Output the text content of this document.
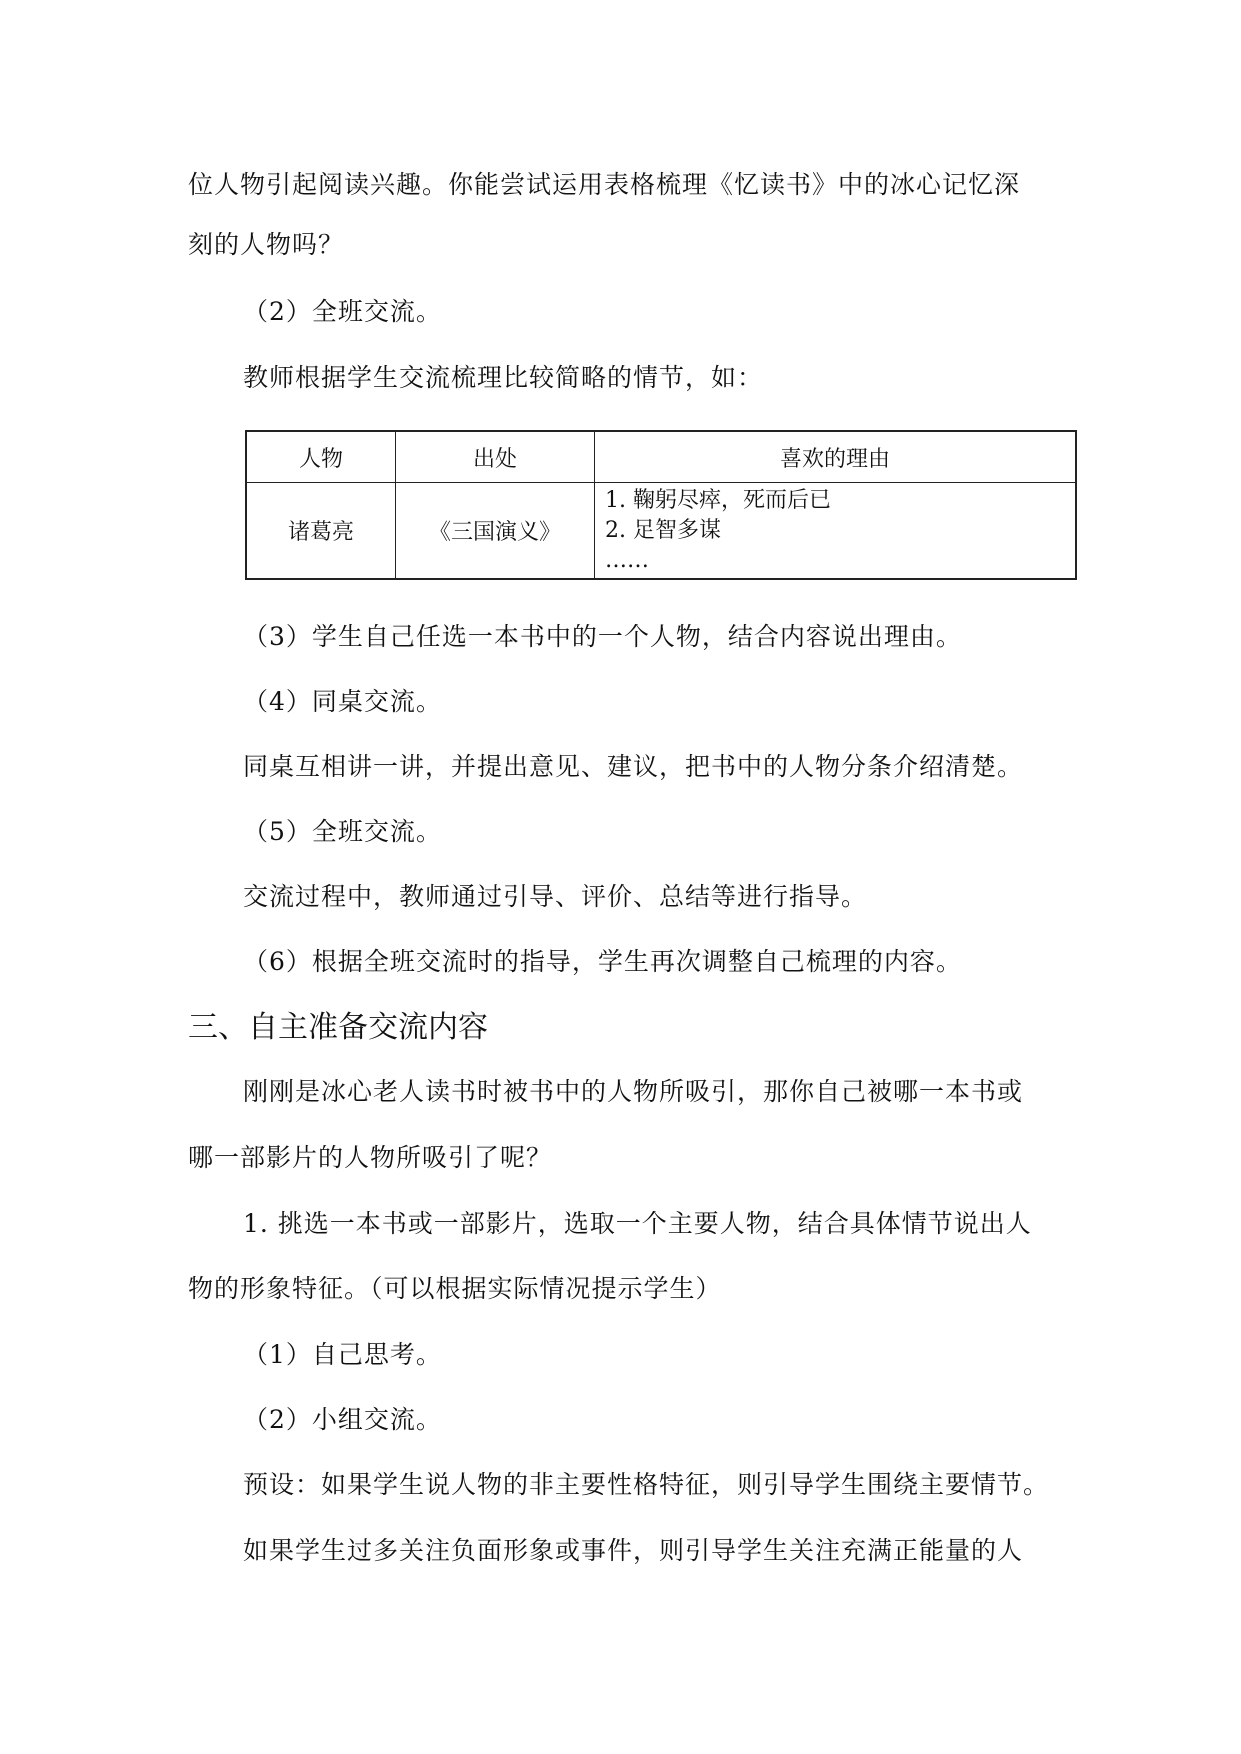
位人物引起阅读兴趣。你能尝试运用表格梳理《忆读书》中的冰心记忆深
刻的人物吗？
（2）全班交流。
教师根据学生交流梳理比较简略的情节，如：
人物	出处	喜欢的理由
诸葛亮	《三国演义》	1. 鞠躬尽瘁，死而后已
2. 足智多谋
……
（3）学生自己任选一本书中的一个人物，结合内容说出理由。
（4）同桌交流。
同桌互相讲一讲，并提出意见、建议，把书中的人物分条介绍清楚。
（5）全班交流。
交流过程中，教师通过引导、评价、总结等进行指导。
（6）根据全班交流时的指导，学生再次调整自己梳理的内容。
三、自主准备交流内容
刚刚是冰心老人读书时被书中的人物所吸引，那你自己被哪一本书或
哪一部影片的人物所吸引了呢？
1. 挑选一本书或一部影片，选取一个主要人物，结合具体情节说出人
物的形象特征。（可以根据实际情况提示学生）
（1）自己思考。
（2）小组交流。
预设：如果学生说人物的非主要性格特征，则引导学生围绕主要情节。
如果学生过多关注负面形象或事件，则引导学生关注充满正能量的人
